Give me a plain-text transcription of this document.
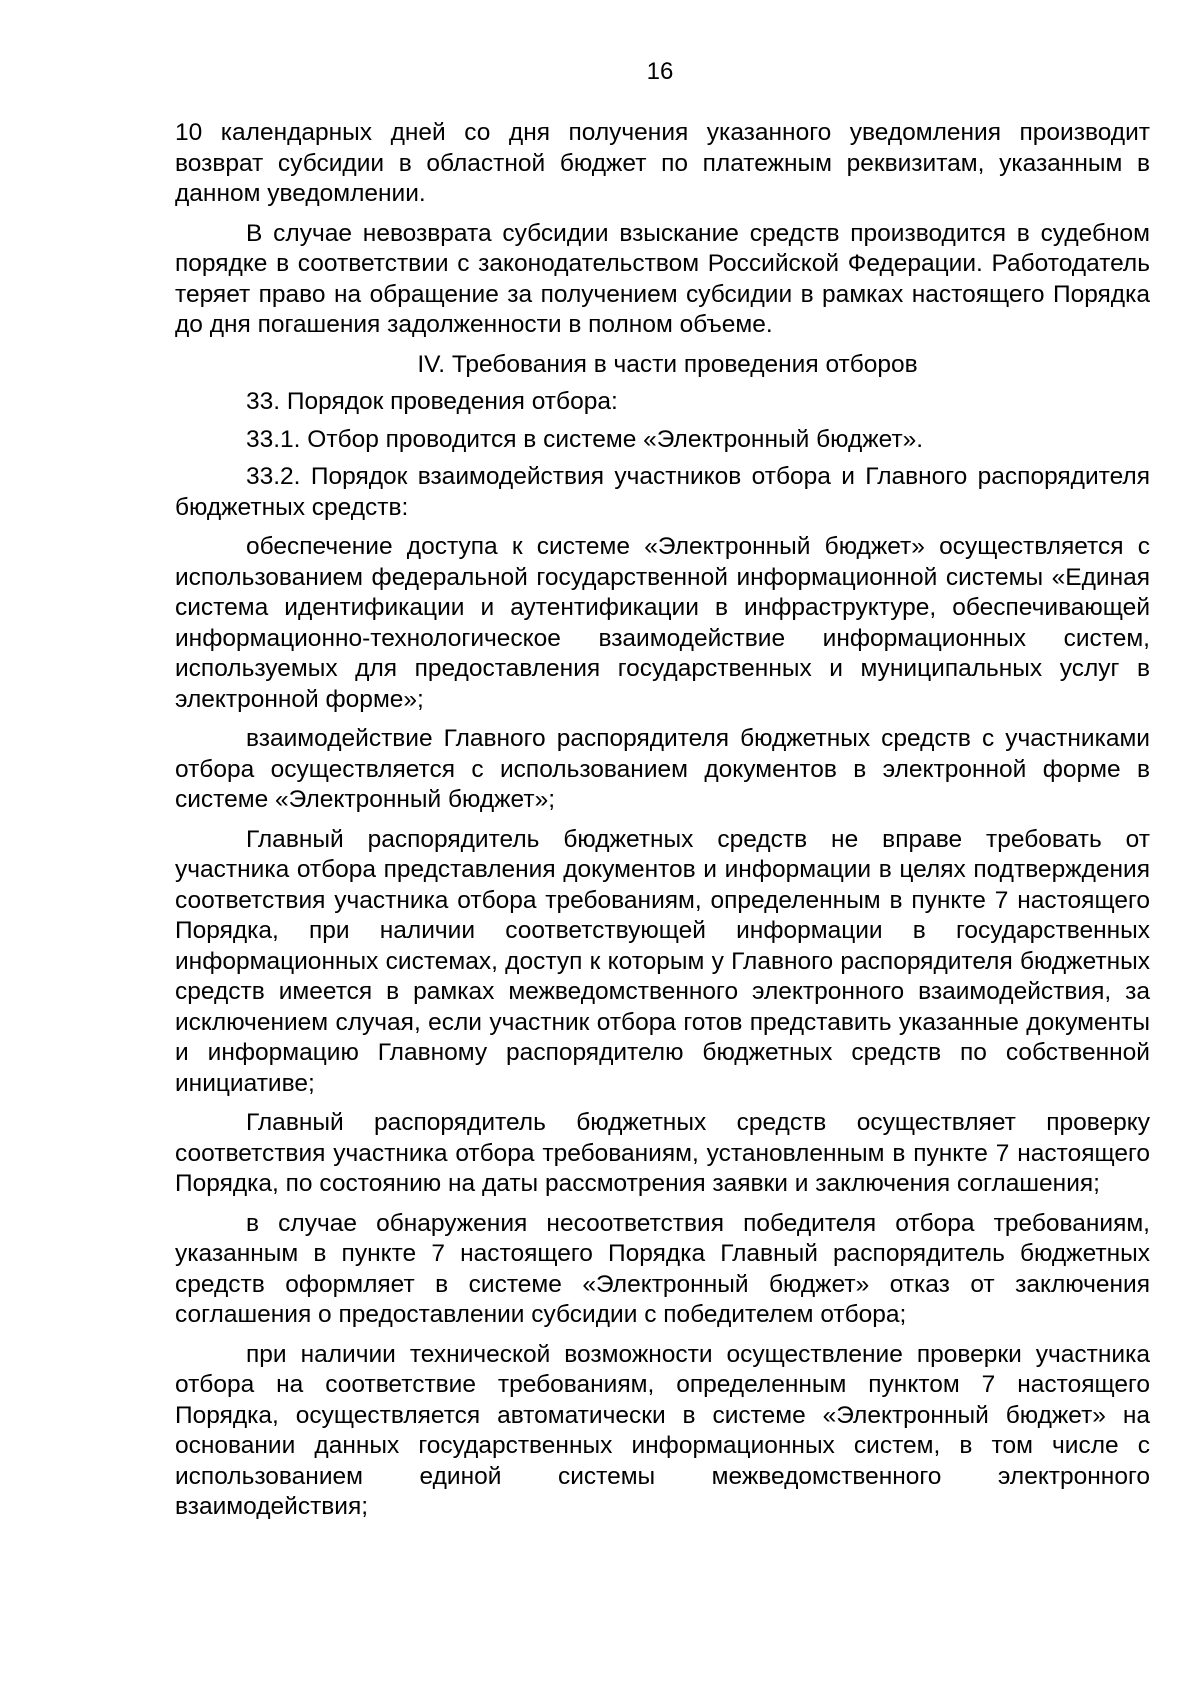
16

10 календарных дней со дня получения указанного уведомления производит возврат субсидии в областной бюджет по платежным реквизитам, указанным в данном уведомлении.

В случае невозврата субсидии взыскание средств производится в судебном порядке в соответствии с законодательством Российской Федерации. Работодатель теряет право на обращение за получением субсидии в рамках настоящего Порядка до дня погашения задолженности в полном объеме.

IV. Требования в части проведения отборов

33. Порядок проведения отбора:

33.1. Отбор проводится в системе «Электронный бюджет».

33.2. Порядок взаимодействия участников отбора и Главного распорядителя бюджетных средств:

обеспечение доступа к системе «Электронный бюджет» осуществляется с использованием федеральной государственной информационной системы «Единая система идентификации и аутентификации в инфраструктуре, обеспечивающей информационно-технологическое взаимодействие информационных систем, используемых для предоставления государственных и муниципальных услуг в электронной форме»;

взаимодействие Главного распорядителя бюджетных средств с участниками отбора осуществляется с использованием документов в электронной форме в системе «Электронный бюджет»;

Главный распорядитель бюджетных средств не вправе требовать от участника отбора представления документов и информации в целях подтверждения соответствия участника отбора требованиям, определенным в пункте 7 настоящего Порядка, при наличии соответствующей информации в государственных информационных системах, доступ к которым у Главного распорядителя бюджетных средств имеется в рамках межведомственного электронного взаимодействия, за исключением случая, если участник отбора готов представить указанные документы и информацию Главному распорядителю бюджетных средств по собственной инициативе;

Главный распорядитель бюджетных средств осуществляет проверку соответствия участника отбора требованиям, установленным в пункте 7 настоящего Порядка, по состоянию на даты рассмотрения заявки и заключения соглашения;

в случае обнаружения несоответствия победителя отбора требованиям, указанным в пункте 7 настоящего Порядка Главный распорядитель бюджетных средств оформляет в системе «Электронный бюджет» отказ от заключения соглашения о предоставлении субсидии с победителем отбора;

при наличии технической возможности осуществление проверки участника отбора на соответствие требованиям, определенным пунктом 7 настоящего Порядка, осуществляется автоматически в системе «Электронный бюджет» на основании данных государственных информационных систем, в том числе с использованием единой системы межведомственного электронного взаимодействия;
